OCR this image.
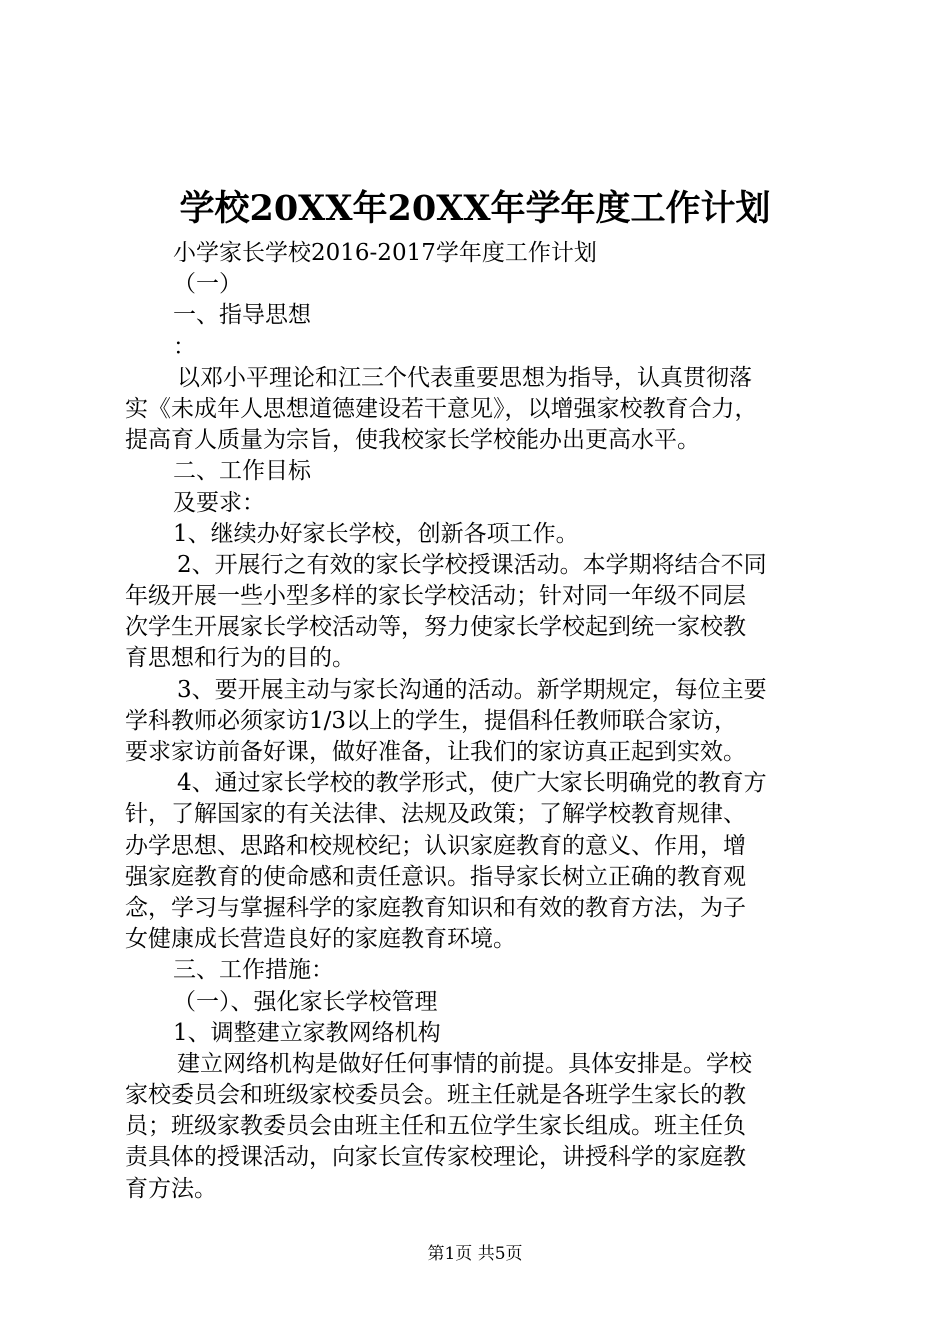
学校20XX年20XX年学年度工作计划
小学家长学校2016-2017学年度工作计划
（一）
一、指导思想
：
以邓小平理论和江三个代表重要思想为指导，认真贯彻落
实《未成年人思想道德建设若干意见》，以增强家校教育合力，
提高育人质量为宗旨，使我校家长学校能办出更高水平。
二、工作目标
及要求：
1、继续办好家长学校，创新各项工作。
2、开展行之有效的家长学校授课活动。本学期将结合不同
年级开展一些小型多样的家长学校活动；针对同一年级不同层
次学生开展家长学校活动等，努力使家长学校起到统一家校教
育思想和行为的目的。
3、要开展主动与家长沟通的活动。新学期规定，每位主要
学科教师必须家访1/3以上的学生，提倡科任教师联合家访，
要求家访前备好课，做好准备，让我们的家访真正起到实效。
4、通过家长学校的教学形式，使广大家长明确党的教育方
针，了解国家的有关法律、法规及政策；了解学校教育规律、
办学思想、思路和校规校纪；认识家庭教育的意义、作用，增
强家庭教育的使命感和责任意识。指导家长树立正确的教育观
念，学习与掌握科学的家庭教育知识和有效的教育方法，为子
女健康成长营造良好的家庭教育环境。
三、工作措施：
（一）、强化家长学校管理
1、调整建立家教网络机构
建立网络机构是做好任何事情的前提。具体安排是。学校
家校委员会和班级家校委员会。班主任就是各班学生家长的教
员；班级家教委员会由班主任和五位学生家长组成。班主任负
责具体的授课活动，向家长宣传家校理论，讲授科学的家庭教
育方法。
第1页 共5页
